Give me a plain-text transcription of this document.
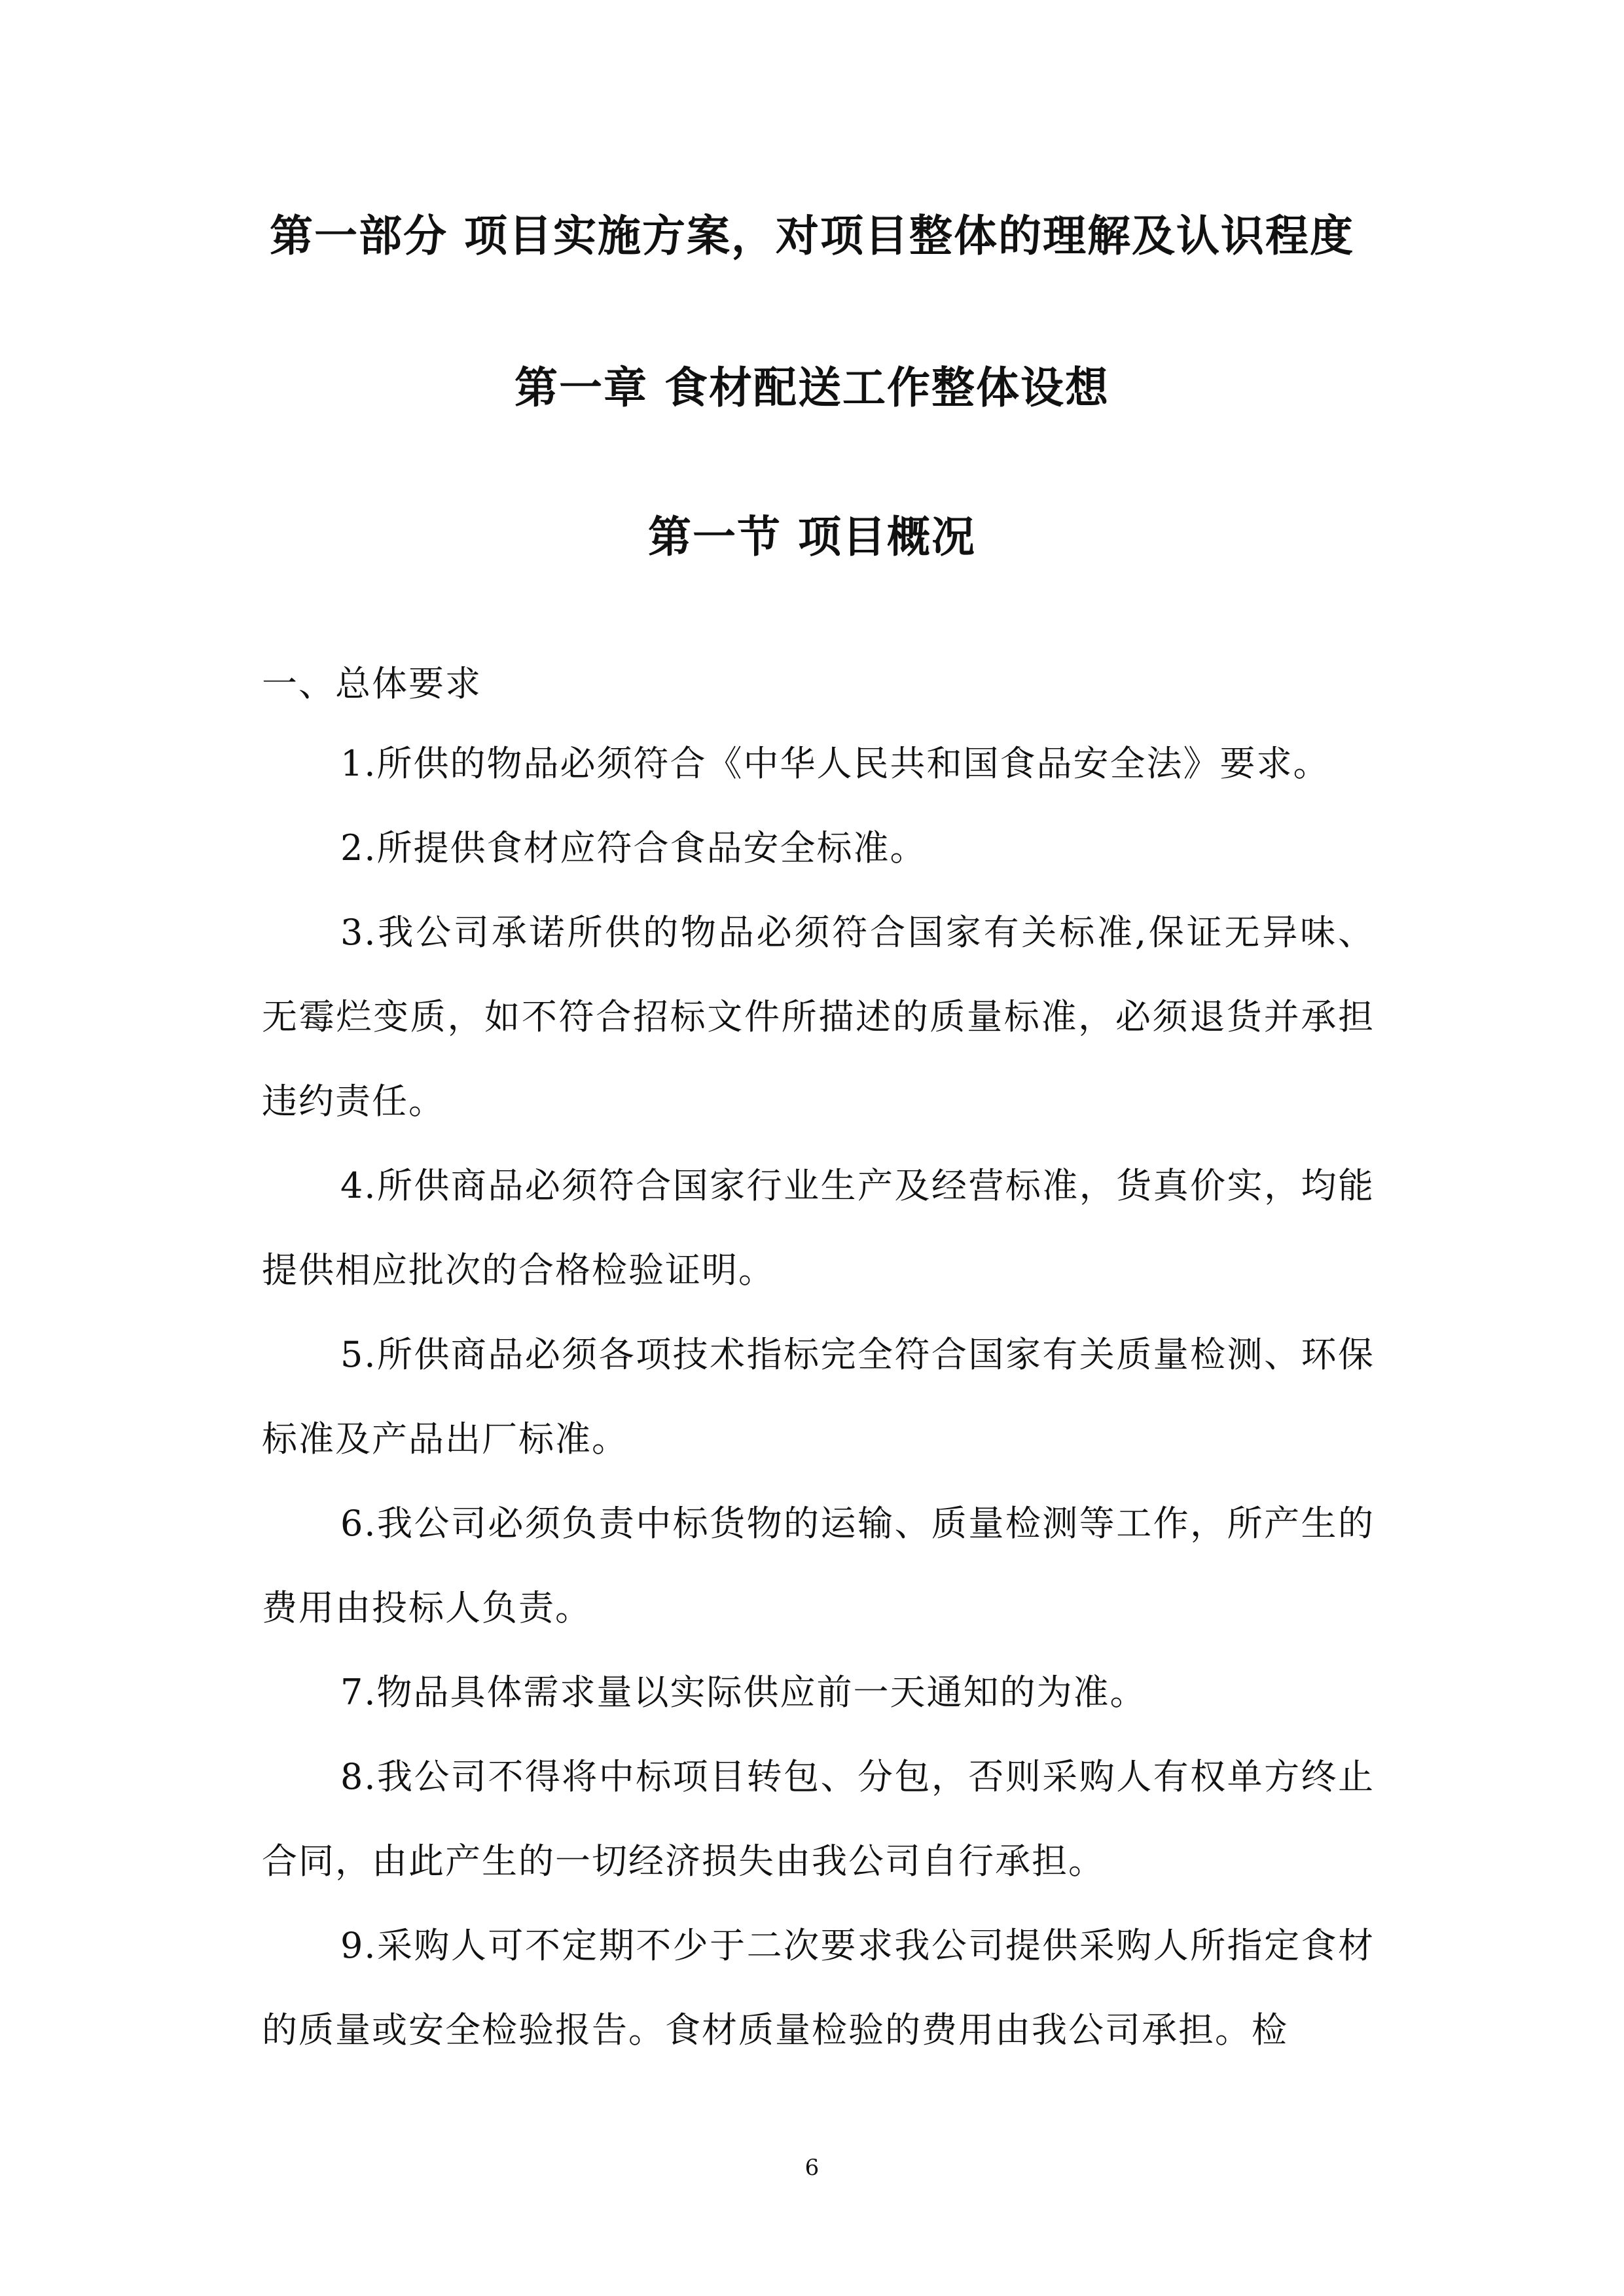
第一部分 项目实施方案，对项目整体的理解及认识程度
第一章 食材配送工作整体设想
第一节 项目概况
一、总体要求

1.所供的物品必须符合《中华人民共和国食品安全法》要求。

2.所提供食材应符合食品安全标准。

3.我公司承诺所供的物品必须符合国家有关标准,保证无异味、无霉烂变质，如不符合招标文件所描述的质量标准，必须退货并承担违约责任。

4.所供商品必须符合国家行业生产及经营标准，货真价实，均能提供相应批次的合格检验证明。

5.所供商品必须各项技术指标完全符合国家有关质量检测、环保标准及产品出厂标准。

6.我公司必须负责中标货物的运输、质量检测等工作，所产生的费用由投标人负责。

7.物品具体需求量以实际供应前一天通知的为准。

8.我公司不得将中标项目转包、分包，否则采购人有权单方终止合同，由此产生的一切经济损失由我公司自行承担。

9.采购人可不定期不少于二次要求我公司提供采购人所指定食材的质量或安全检验报告。食材质量检验的费用由我公司承担。检

6
